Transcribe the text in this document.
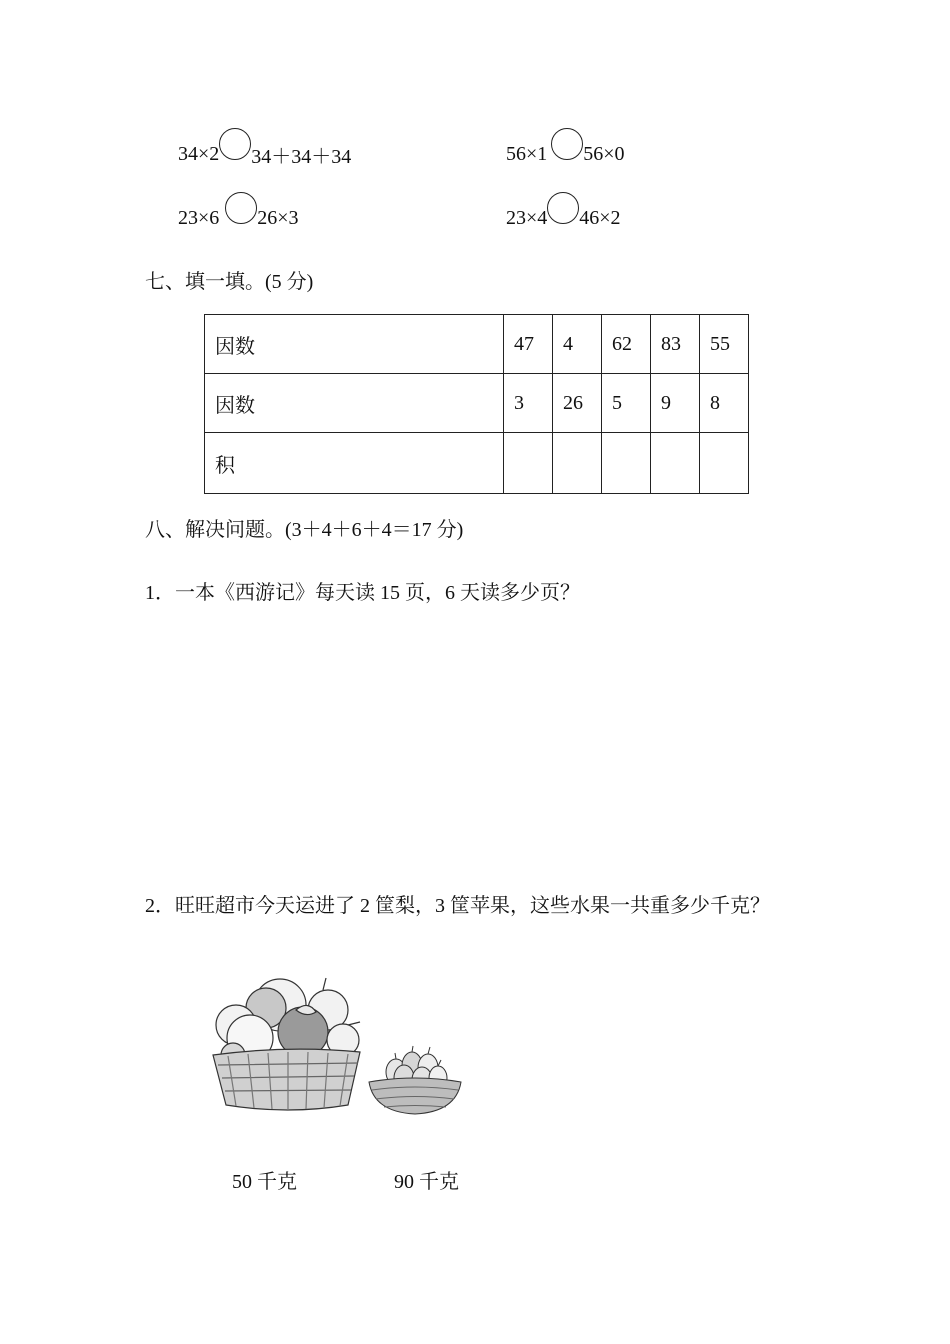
34×2 34＋34＋34	56×1 56×0
23×6 26×3	23×4 46×2
七、填一填。(5 分)
因数	47	4	62	83	55
因数	3	26	5	9	8
积					
八、解决问题。(3＋4＋6＋4＝17 分)
1．一本《西游记》每天读 15 页，6 天读多少页？
2．旺旺超市今天运进了 2 筐梨，3 筐苹果，这些水果一共重多少千克？
50 千克	90 千克
